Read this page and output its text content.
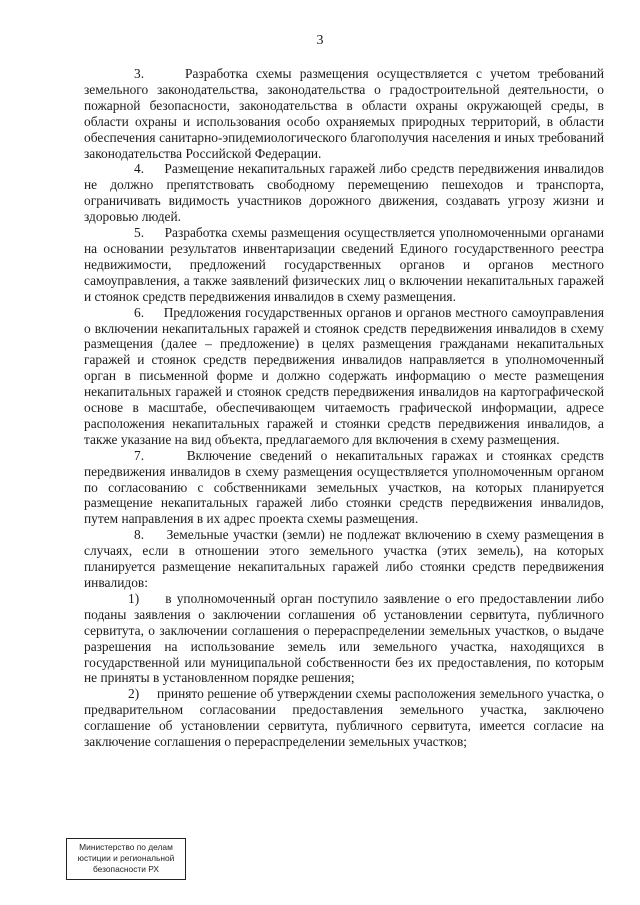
3

3.     Разработка схемы размещения осуществляется с учетом требований земельного законодательства, законодательства о градостроительной деятельности, о пожарной безопасности, законодательства в области охраны окружающей среды, в области охраны и использования особо охраняемых природных территорий, в области обеспечения санитарно-эпидемиологического благополучия населения и иных требований законодательства Российской Федерации.

4.     Размещение некапитальных гаражей либо средств передвижения инвалидов не должно препятствовать свободному перемещению пешеходов и транспорта, ограничивать видимость участников дорожного движения, создавать угрозу жизни и здоровью людей.

5.     Разработка схемы размещения осуществляется уполномоченными органами на основании результатов инвентаризации сведений Единого государственного реестра недвижимости, предложений государственных органов и органов местного самоуправления, а также заявлений физических лиц о включении некапитальных гаражей и стоянок средств передвижения инвалидов в схему размещения.

6.     Предложения государственных органов и органов местного самоуправления о включении некапитальных гаражей и стоянок средств передвижения инвалидов в схему размещения (далее – предложение) в целях размещения гражданами некапитальных гаражей и стоянок средств передвижения инвалидов направляется в уполномоченный орган в письменной форме и должно содержать информацию о месте размещения некапитальных гаражей и стоянок средств передвижения инвалидов на картографической основе в масштабе, обеспечивающем читаемость графической информации, адресе расположения некапитальных гаражей и стоянки средств передвижения инвалидов, а также указание на вид объекта, предлагаемого для включения в схему размещения.

7.     Включение сведений о некапитальных гаражах и стоянках средств передвижения инвалидов в схему размещения осуществляется уполномоченным органом по согласованию с собственниками земельных участков, на которых планируется размещение некапитальных гаражей либо стоянки средств передвижения инвалидов, путем направления в их адрес проекта схемы размещения.

8.     Земельные участки (земли) не подлежат включению в схему размещения в случаях, если в отношении этого земельного участка (этих земель), на которых планируется размещение некапитальных гаражей либо стоянки средств передвижения инвалидов:

1)     в уполномоченный орган поступило заявление о его предоставлении либо поданы заявления о заключении соглашения об установлении сервитута, публичного сервитута, о заключении соглашения о перераспределении земельных участков, о выдаче разрешения на использование земель или земельного участка, находящихся в государственной или муниципальной собственности без их предоставления, по которым не приняты в установленном порядке решения;

2)     принято решение об утверждении схемы расположения земельного участка, о предварительном согласовании предоставления земельного участка, заключено соглашение об установлении сервитута, публичного сервитута, имеется согласие на заключение соглашения о перераспределении земельных участков;

Министерство по делам
юстиции и региональной
безопасности РХ
